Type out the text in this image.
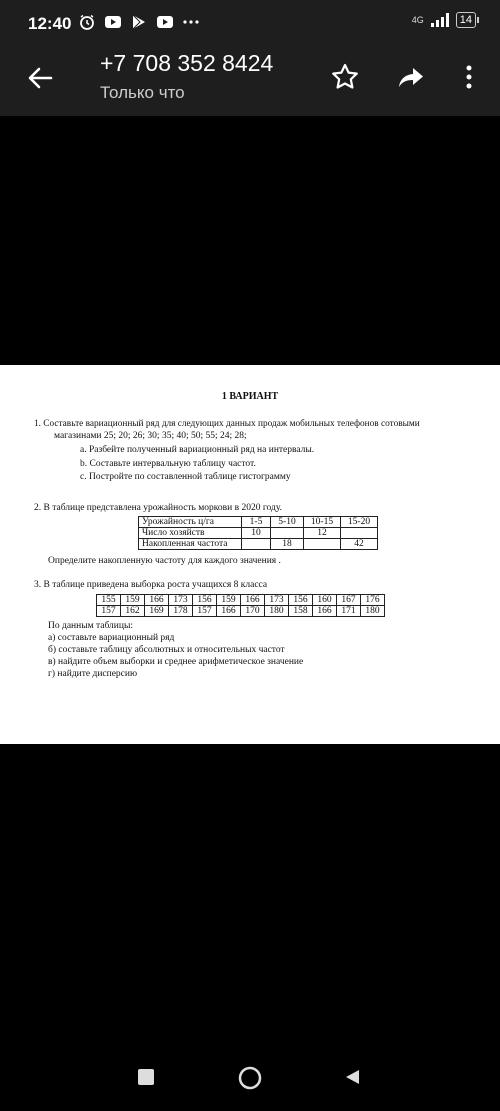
12:40	4G	14
+7 708 352 8424
Только что
1 ВАРИАНТ
1. Составьте вариационный ряд для следующих данных продаж мобильных телефонов сотовыми
магазинами 25; 20; 26; 30; 35; 40; 50; 55; 24; 28;
a. Разбейте полученный вариационный ряд на интервалы.
b. Составьте интервальную таблицу частот.
c. Постройте по составленной таблице гистограмму
2. В таблице представлена урожайность моркови в 2020 году.
Урожайность ц/га	1-5	5-10	10-15	15-20
Число хозяйств	10		12	
Накопленная частота		18		42
Определите накопленную частоту для каждого значения .
3. В таблице приведена выборка роста учащихся 8 класса
155	159	166	173	156	159	166	173	156	160	167	176
157	162	169	178	157	166	170	180	158	166	171	180
По данным таблицы:
а) составьте вариационный ряд
б) составьте таблицу абсолютных и относительных частот
в) найдите объем выборки и среднее арифметическое значение
г) найдите дисперсию
